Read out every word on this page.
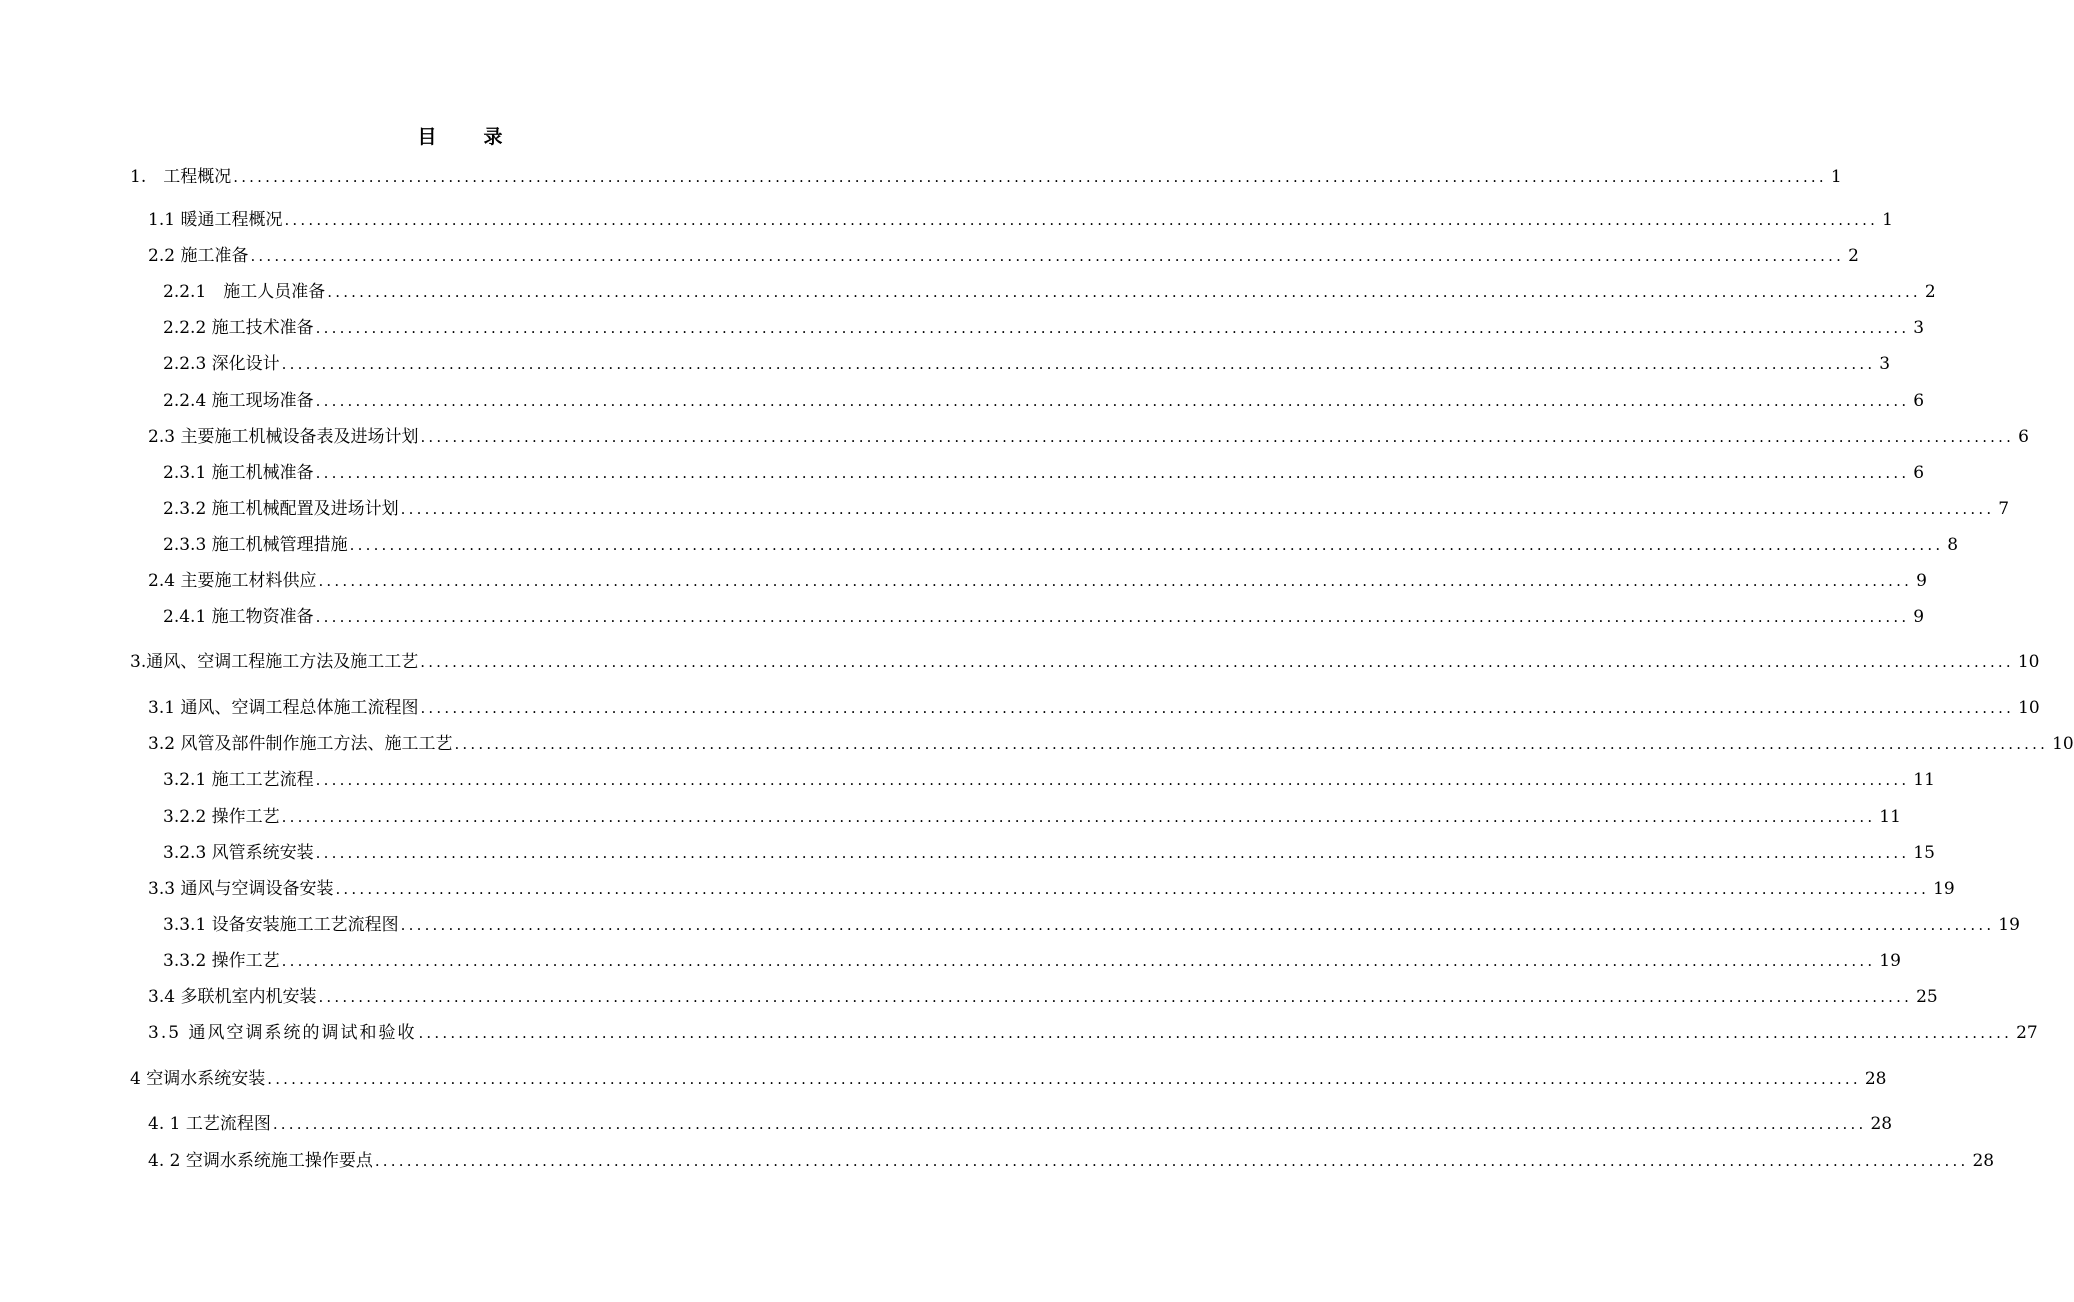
目　录
1.　工程概况 ........................................................................................................................................................................................................ 1
1.1 暖通工程概况 ........................................................................................................................................................................................................ 1
2.2 施工准备 ........................................................................................................................................................................................................ 2
2.2.1　施工人员准备 ........................................................................................................................................................................................................ 2
2.2.2 施工技术准备 ........................................................................................................................................................................................................ 3
2.2.3 深化设计 ........................................................................................................................................................................................................ 3
2.2.4 施工现场准备 ........................................................................................................................................................................................................ 6
2.3 主要施工机械设备表及进场计划 ........................................................................................................................................................................................................ 6
2.3.1 施工机械准备 ........................................................................................................................................................................................................ 6
2.3.2 施工机械配置及进场计划 ........................................................................................................................................................................................................ 7
2.3.3 施工机械管理措施 ........................................................................................................................................................................................................ 8
2.4 主要施工材料供应 ........................................................................................................................................................................................................ 9
2.4.1 施工物资准备 ........................................................................................................................................................................................................ 9
3.通风、空调工程施工方法及施工工艺 ........................................................................................................................................................................................................ 10
3.1 通风、空调工程总体施工流程图 ........................................................................................................................................................................................................ 10
3.2 风管及部件制作施工方法、施工工艺 ........................................................................................................................................................................................................ 10
3.2.1 施工工艺流程 ........................................................................................................................................................................................................ 11
3.2.2 操作工艺 ........................................................................................................................................................................................................ 11
3.2.3 风管系统安装 ........................................................................................................................................................................................................ 15
3.3 通风与空调设备安装 ........................................................................................................................................................................................................ 19
3.3.1 设备安装施工工艺流程图 ........................................................................................................................................................................................................ 19
3.3.2 操作工艺 ........................................................................................................................................................................................................ 19
3.4 多联机室内机安装 ........................................................................................................................................................................................................ 25
3.5 通风空调系统的调试和验收 ........................................................................................................................................................................................................ 27
4 空调水系统安装 ........................................................................................................................................................................................................ 28
4. 1 工艺流程图 ........................................................................................................................................................................................................ 28
4. 2 空调水系统施工操作要点 ........................................................................................................................................................................................................ 28
